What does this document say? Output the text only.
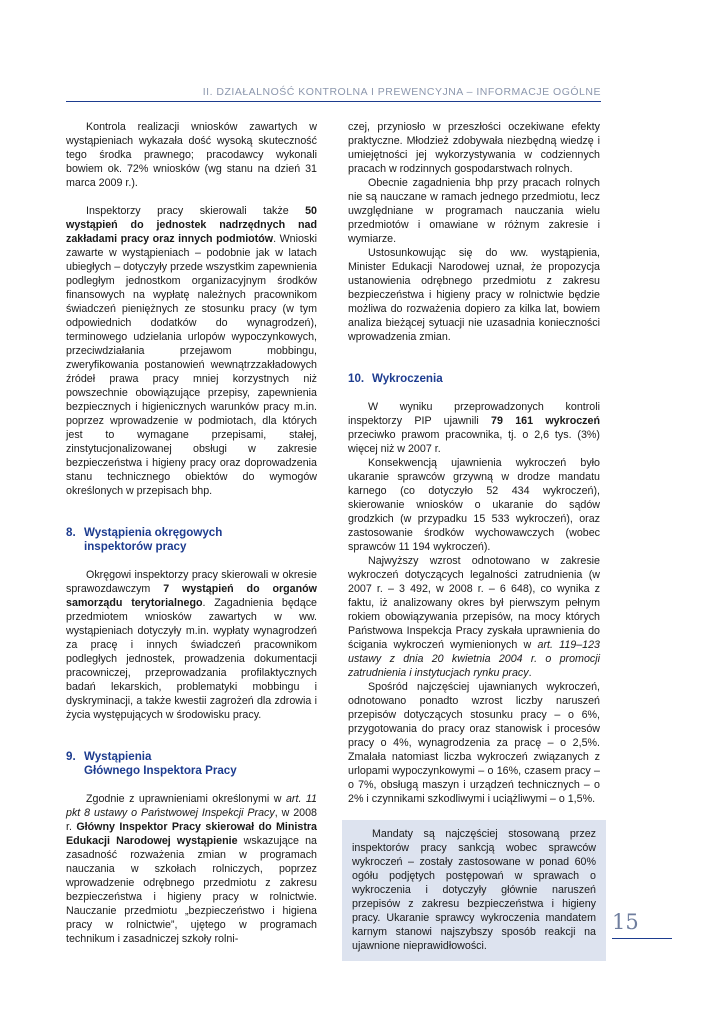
II. DZIAŁALNOŚĆ KONTROLNA I PREWENCYJNA – INFORMACJE OGÓLNE

Kontrola realizacji wniosków zawartych w wystąpieniach wykazała dość wysoką skuteczność tego środka prawnego; pracodawcy wykonali bowiem ok. 72% wniosków (wg stanu na dzień 31 marca 2009 r.).

Inspektorzy pracy skierowali także 50 wystąpień do jednostek nadrzędnych nad zakładami pracy oraz innych podmiotów. Wnioski zawarte w wystąpieniach – podobnie jak w latach ubiegłych – dotyczyły przede wszystkim zapewnienia podległym jednostkom organizacyjnym środków finansowych na wypłatę należnych pracownikom świadczeń pieniężnych ze stosunku pracy (w tym odpowiednich dodatków do wynagrodzeń), terminowego udzielania urlopów wypoczynkowych, przeciwdziałania przejawom mobbingu, zweryfikowania postanowień wewnątrzzakładowych źródeł prawa pracy mniej korzystnych niż powszechnie obowiązujące przepisy, zapewnienia bezpiecznych i higienicznych warunków pracy m.in. poprzez wprowadzenie w podmiotach, dla których jest to wymagane przepisami, stałej, zinstytucjonalizowanej obsługi w zakresie bezpieczeństwa i higieny pracy oraz doprowadzenia stanu technicznego obiektów do wymogów określonych w przepisach bhp.

8. Wystąpienia okręgowych
inspektorów pracy

Okręgowi inspektorzy pracy skierowali w okresie sprawozdawczym 7 wystąpień do organów samorządu terytorialnego. Zagadnienia będące przedmiotem wniosków zawartych w ww. wystąpieniach dotyczyły m.in. wypłaty wynagrodzeń za pracę i innych świadczeń pracownikom podległych jednostek, prowadzenia dokumentacji pracowniczej, przeprowadzania profilaktycznych badań lekarskich, problematyki mobbingu i dyskryminacji, a także kwestii zagrożeń dla zdrowia i życia występujących w środowisku pracy.

9. Wystąpienia
Głównego Inspektora Pracy

Zgodnie z uprawnieniami określonymi w art. 11 pkt 8 ustawy o Państwowej Inspekcji Pracy, w 2008 r. Główny Inspektor Pracy skierował do Ministra Edukacji Narodowej wystąpienie wskazujące na zasadność rozważenia zmian w programach nauczania w szkołach rolniczych, poprzez wprowadzenie odrębnego przedmiotu z zakresu bezpieczeństwa i higieny pracy w rolnictwie. Nauczanie przedmiotu „bezpieczeństwo i higiena pracy w rolnictwie”, ujętego w programach technikum i zasadniczej szkoły rolni-

czej, przyniosło w przeszłości oczekiwane efekty praktyczne. Młodzież zdobywała niezbędną wiedzę i umiejętności jej wykorzystywania w codziennych pracach w rodzinnych gospodarstwach rolnych.

Obecnie zagadnienia bhp przy pracach rolnych nie są nauczane w ramach jednego przedmiotu, lecz uwzględniane w programach nauczania wielu przedmiotów i omawiane w różnym zakresie i wymiarze.

Ustosunkowując się do ww. wystąpienia, Minister Edukacji Narodowej uznał, że propozycja ustanowienia odrębnego przedmiotu z zakresu bezpieczeństwa i higieny pracy w rolnictwie będzie możliwa do rozważenia dopiero za kilka lat, bowiem analiza bieżącej sytuacji nie uzasadnia konieczności wprowadzenia zmian.

10. Wykroczenia

W wyniku przeprowadzonych kontroli inspektorzy PIP ujawnili 79 161 wykroczeń przeciwko prawom pracownika, tj. o 2,6 tys. (3%) więcej niż w 2007 r.

Konsekwencją ujawnienia wykroczeń było ukaranie sprawców grzywną w drodze mandatu karnego (co dotyczyło 52 434 wykroczeń), skierowanie wniosków o ukaranie do sądów grodzkich (w przypadku 15 533 wykroczeń), oraz zastosowanie środków wychowawczych (wobec sprawców 11 194 wykroczeń).

Najwyższy wzrost odnotowano w zakresie wykroczeń dotyczących legalności zatrudnienia (w 2007 r. – 3 492, w 2008 r. – 6 648), co wynika z faktu, iż analizowany okres był pierwszym pełnym rokiem obowiązywania przepisów, na mocy których Państwowa Inspekcja Pracy zyskała uprawnienia do ścigania wykroczeń wymienionych w art. 119–123 ustawy z dnia 20 kwietnia 2004 r. o promocji zatrudnienia i instytucjach rynku pracy.

Spośród najczęściej ujawnianych wykroczeń, odnotowano ponadto wzrost liczby naruszeń przepisów dotyczących stosunku pracy – o 6%, przygotowania do pracy oraz stanowisk i procesów pracy o 4%, wynagrodzenia za pracę – o 2,5%. Zmalała natomiast liczba wykroczeń związanych z urlopami wypoczynkowymi – o 16%, czasem pracy – o 7%, obsługą maszyn i urządzeń technicznych – o 2% i czynnikami szkodliwymi i uciążliwymi – o 1,5%.

Mandaty są najczęściej stosowaną przez inspektorów pracy sankcją wobec sprawców wykroczeń – zostały zastosowane w ponad 60% ogółu podjętych postępowań w sprawach o wykroczenia i dotyczyły głównie naruszeń przepisów z zakresu bezpieczeństwa i higieny pracy. Ukaranie sprawcy wykroczenia mandatem karnym stanowi najszybszy sposób reakcji na ujawnione nieprawidłowości.

15
